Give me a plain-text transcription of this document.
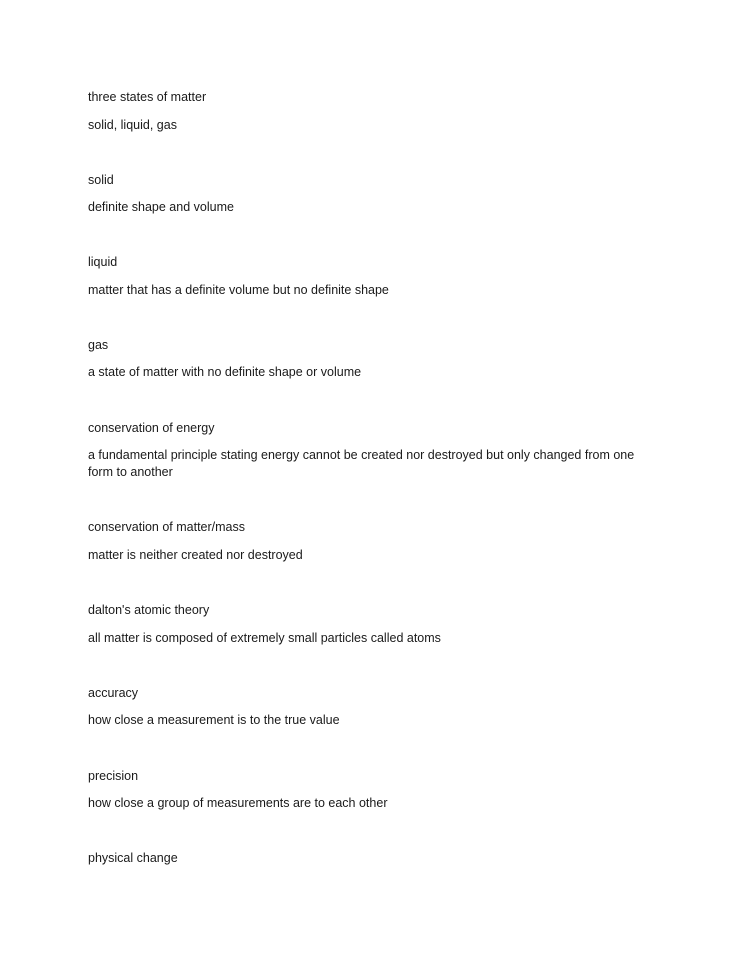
three states of matter

solid, liquid, gas

solid

definite shape and volume

liquid

matter that has a definite volume but no definite shape

gas

a state of matter with no definite shape or volume

conservation of energy

a fundamental principle stating energy cannot be created nor destroyed but only changed from one form to another

conservation of matter/mass

matter is neither created nor destroyed

dalton's atomic theory

all matter is composed of extremely small particles called atoms

accuracy

how close a measurement is to the true value

precision

how close a group of measurements are to each other

physical change
